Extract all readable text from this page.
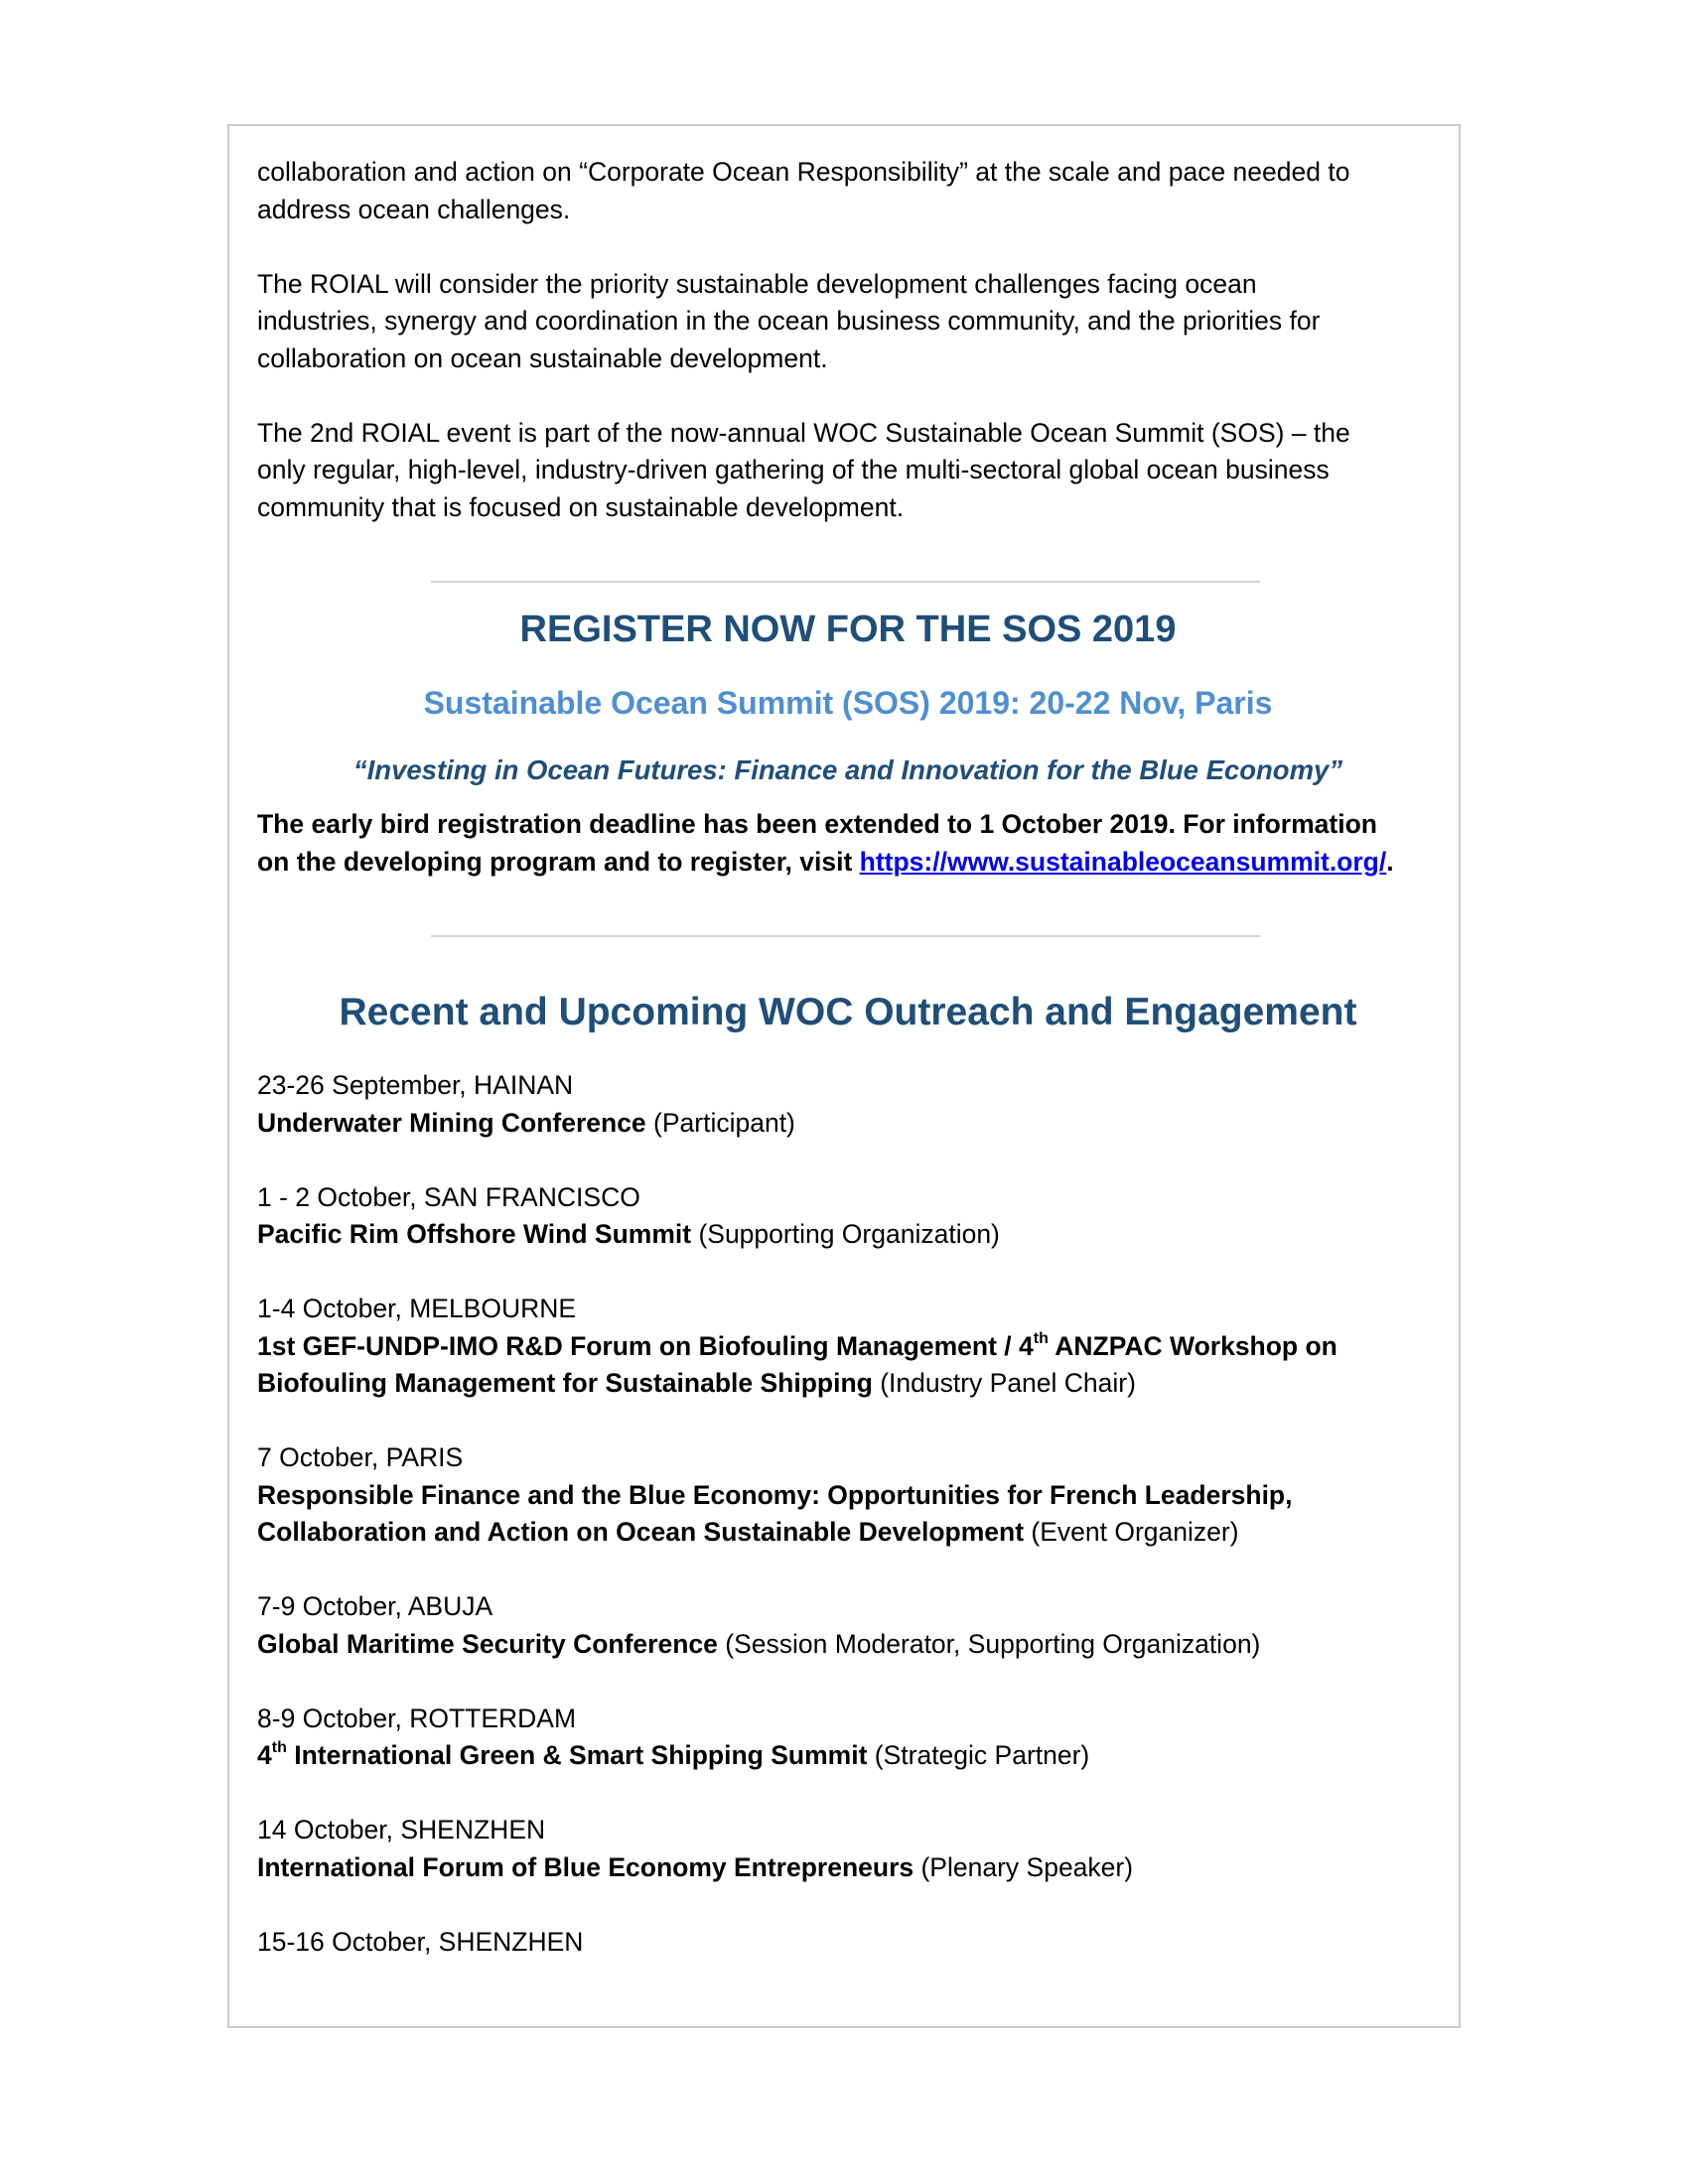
collaboration and action on “Corporate Ocean Responsibility” at the scale and pace needed to
address ocean challenges.

The ROIAL will consider the priority sustainable development challenges facing ocean
industries, synergy and coordination in the ocean business community, and the priorities for
collaboration on ocean sustainable development.

The 2nd ROIAL event is part of the now-annual WOC Sustainable Ocean Summit (SOS) – the
only regular, high-level, industry-driven gathering of the multi-sectoral global ocean business
community that is focused on sustainable development.

REGISTER NOW FOR THE SOS 2019
Sustainable Ocean Summit (SOS) 2019: 20-22 Nov, Paris
“Investing in Ocean Futures: Finance and Innovation for the Blue Economy”

The early bird registration deadline has been extended to 1 October 2019. For information
on the developing program and to register, visit https://www.sustainableoceansummit.org/.

Recent and Upcoming WOC Outreach and Engagement

23-26 September, HAINAN
Underwater Mining Conference (Participant)

1 - 2 October, SAN FRANCISCO
Pacific Rim Offshore Wind Summit (Supporting Organization)

1-4 October, MELBOURNE
1st GEF-UNDP-IMO R&D Forum on Biofouling Management / 4th ANZPAC Workshop on
Biofouling Management for Sustainable Shipping (Industry Panel Chair)

7 October, PARIS
Responsible Finance and the Blue Economy: Opportunities for French Leadership,
Collaboration and Action on Ocean Sustainable Development (Event Organizer)

7-9 October, ABUJA
Global Maritime Security Conference (Session Moderator, Supporting Organization)

8-9 October, ROTTERDAM
4th International Green & Smart Shipping Summit (Strategic Partner)

14 October, SHENZHEN
International Forum of Blue Economy Entrepreneurs (Plenary Speaker)

15-16 October, SHENZHEN
